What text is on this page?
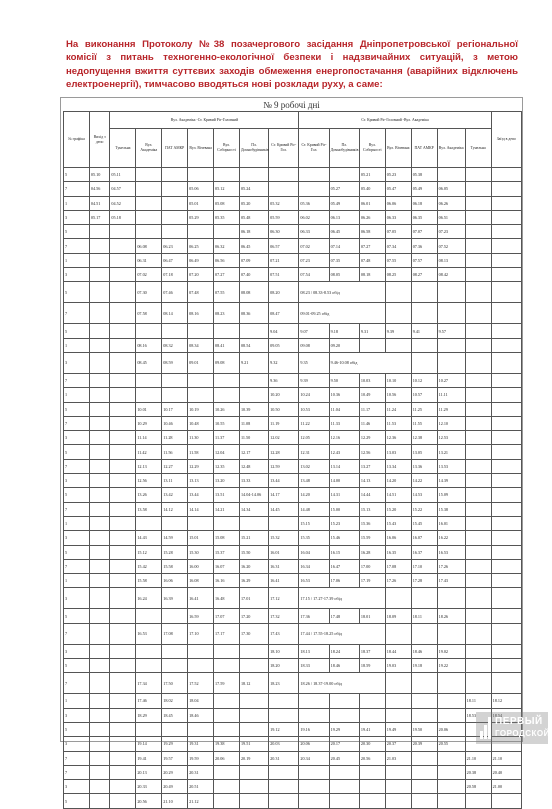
На виконання Протоколу №38 позачергового засідання Дніпропетровської регіональної комісії з питань техногенно-екологічної безпеки і надзвичайних ситуацій, з метою недопущення вжиття суттєвих заходів обмеження енергопостачання (аварійних відключень електроенергії), тимчасово вводяться нові розклади руху, а саме:
№ 9 робочі дні
№ графіка	Вихід з депо	Вул. Академіка -Ст. Кривий Ріг-Головний							Ст. Кривий Ріг-Головний -Вул. Академіка							Заїзд в депо
		Тунельна	Вул. Академіка	ПАТ АМКР	Вул. Вічевана	Вул. Соборності	Пл. Домнобудівників	Ст. Кривий Ріг-Гол.	Ст. Кривий Ріг-Гол.	Пл. Домнобудівників	Вул. Соборності	Вул. Вічевана	ПАТ АМКР	Вул. Академіка	Тунельна	
5	05.10	05.11									05.21	05.23	05.38			
7	04.56	04.57			05.06	05.12	05.24			05.27	05.40	05.47	05.49	06.05		
1	04.51	04.52			05.01	05.08	05.20	05.32	05.36	05.49	06.01	06.06	06.18	06.26		
3	05.17	05.18			05.29	05.35	05.48	05.59	06.02	06.13	06.26	06.33	06.35	06.51		
5							06.18	06.30	06.33	06.45	06.58	07.05	07.07	07.23		
7			06.08	06.23	06.25	06.32	06.45	06.57	07.02	07.14	07.27	07.34	07.36	07.52		
1			06.31	06.47	06.49	06.56	07.09	07.21	07.23	07.35	07.48	07.55	07.57	08.13		
3			07.02	07.18	07.20	07.27	07.40	07.51	07.54	08.05	08.18	08.25	08.27	08.42		
5			07.30	07.46	07.48	07.55	08.08	08.20	08.23 / 08.33-8.53 обід							
7			07.58	08.14	08.16	08.23	08.36	08.47	09.01-09.25 обід							
5								9.04	9.07	9.18	9.31	9.39	9.41	9.57		
1			08.16	08.32	08.34	08.41	08.54	09.05	09.08	09.20						
3			08.45	08.59	09.01	09.08	9.21	9.32	9.35	9.46-10.08 обід						
7								9.36	9.39	9.50	10.03	10.10	10.12	10.27		
1								10.20	10.24	10.36	10.49	10.56	10.57	11.11		
5			10.01	10.17	10.19	10.26	10.39	10.50	10.53	11.04	11.17	11.24	11.25	11.29		
7			10.29	10.46	10.48	10.55	11.08	11.19	11.22	11.33	11.46	11.53	11.55	12.10		
3			11.14	11.28	11.30	11.37	11.50	12.02	12.05	12.16	12.29	12.36	12.38	12.53		
5			11.42	11.56	11.58	12.04	12.17	12.28	12.31	12.43	12.56	13.03	13.05	13.21		
7			12.13	12.27	12.29	12.35	12.48	12.59	13.02	13.14	13.27	13.34	13.36	13.53		
3			12.56	13.11	13.13	13.20	13.33	13.44	13.48	14.00	14.13	14.20	14.22	14.39		
5			13.26	13.42	13.44	13.51	14.04-14.06	14.17	14.20	14.31	14.44	14.51	14.53	15.09		
7			13.58	14.12	14.14	14.21	14.34	14.45	14.48	15.00	15.13	15.20	15.22	15.38		
1									15.15	15.23	15.36	15.43	15.45	16.01		
3			14.43	14.59	15.01	15.08	15.21	15.32	15.35	15.46	15.59	16.06	16.07	16.22		
5			15.12	15.28	15.30	15.37	15.50	16.01	16.04	16.15	16.28	16.35	16.37	16.53		
7			15.42	15.58	16.00	16.07	16.20	16.31	16.34	16.47	17.00	17.08	17.10	17.26		
1			15.58	16.06	16.08	16.16	16.29	16.41	16.53	17.06	17.19	17.26	17.28	17.43		
3			16.24	16.39	16.41	16.48	17.01	17.12	17.15 / 17.27-17.39 обід							
5					16.59	17.07	17.20	17.32	17.36	17.48	18.01	18.09	18.11	18.26		
7			16.53	17.08	17.10	17.17	17.30	17.43	17.44 / 17.55-18.25 обід							
3								18.10	18.13	18.24	18.37	18.44	18.46	19.02		
5								18.20	18.33	18.46	18.59	19.03	19.18	19.22		
7			17.34	17.50	17.52	17.59	18.12	18.23	18.26 / 18.37-19.00 обід							
1			17.46	18.02	18.04										18.11	18.12
3			18.29	18.45	18.46										18.53	18.54
5								19.12	19.16	19.29	19.41	19.49	19.50	20.06		
3			19.14	19.29	19.31	19.38	19.51	20.03	20.06	20.17	20.30	20.37	20.39	20.55		
7			19.41	19.57	19.59	20.06	20.19	20.31	20.34	20.45	20.56	21.03			21.10	21.10
7			20.13	20.29	20.31										20.38	20.40
3			20.33	20.49	20.51										20.58	21.00
5			20.56	21.10	21.12											
ПЕРВЫЙ
ГОРОДСКОЙ
